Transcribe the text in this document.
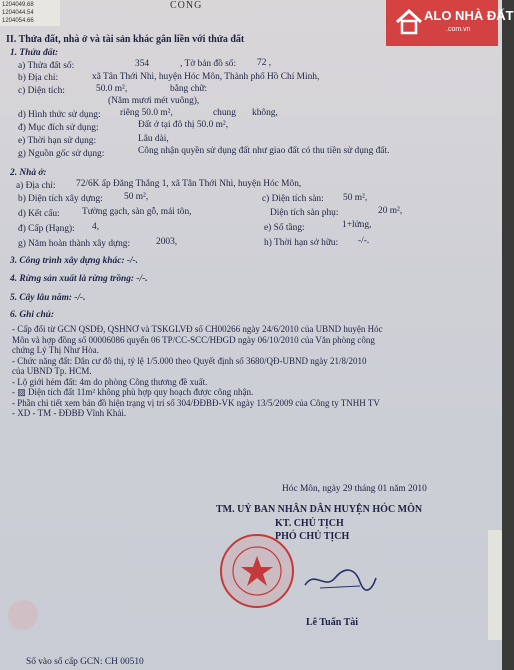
1204049.68
1204044.54
1204054.66
CONG
ALO NHÀ ĐẤT
.com.vn
II. Thửa đất, nhà ở và tài sản khác gắn liền với thửa đất
1. Thửa đất:
a) Thửa đất số:	354	, Tờ bản đồ số: 72 ,
b) Địa chỉ:	xã Tân Thới Nhì, huyện Hóc Môn, Thành phố Hồ Chí Minh,
c) Diện tích:	50.0 m²,	bằng chữ:
(Năm mươi mét vuông),
d) Hình thức sử dụng: riêng 50.0 m²,	chung không,
đ) Mục đích sử dụng:	Đất ở tại đô thị 50.0 m²,
e) Thời hạn sử dụng:	Lâu dài,
g) Nguồn gốc sử dụng:	Công nhận quyền sử dụng đất như giao đất có thu tiền sử dụng đất.
2. Nhà ở:
a) Địa chỉ: 72/6K ấp Đăng Thắng 1, xã Tân Thới Nhì, huyện Hóc Môn,
b) Diện tích xây dựng: 50 m²,	c) Diện tích sàn: 50 m²,
d) Kết cấu: Tường gạch, sàn gỗ, mái tôn,	Diện tích sàn phụ:	20 m²,
đ) Cấp (Hạng): 4,	e) Số tầng:	1+lửng,
g) Năm hoàn thành xây dựng:	2003,	h) Thời hạn sở hữu: -/-.
3. Công trình xây dựng khác: -/-.
4. Rừng sản xuất là rừng trồng: -/-.
5. Cây lâu năm: -/-.
6. Ghi chú:
- Cấp đổi từ GCN QSDĐ, QSHNƠ và TSKGLVĐ số CH00266 ngày 24/6/2010 của UBND huyện Hóc
Môn và hợp đồng số 00006086 quyển 06 TP/CC-SCC/HĐGD ngày 06/10/2010 của Văn phòng công
chứng Lý Thị Như Hòa.
- Chức năng đất: Dân cư đô thị, tỷ lệ 1/5.000 theo Quyết định số 3680/QĐ-UBND ngày 21/8/2010
của UBND Tp. HCM.
- Lộ giới hẻm đất: 4m do phòng Công thương đề xuất.
- ▨ Diện tích đất 11m² không phù hợp quy hoạch được công nhận.
- Phần chi tiết xem bản đồ hiện trạng vị trí số 304/ĐĐBĐ-VK ngày 13/5/2009 của Công ty TNHH TV
- XD - TM - ĐĐBĐ Vĩnh Khải.
Hóc Môn, ngày 29 tháng 01 năm 2010
TM. UỶ BAN NHÂN DÂN HUYỆN HÓC MÔN
KT. CHỦ TỊCH
PHÓ CHỦ TỊCH
Lê Tuấn Tài
Số vào sổ cấp GCN: CH 00510
